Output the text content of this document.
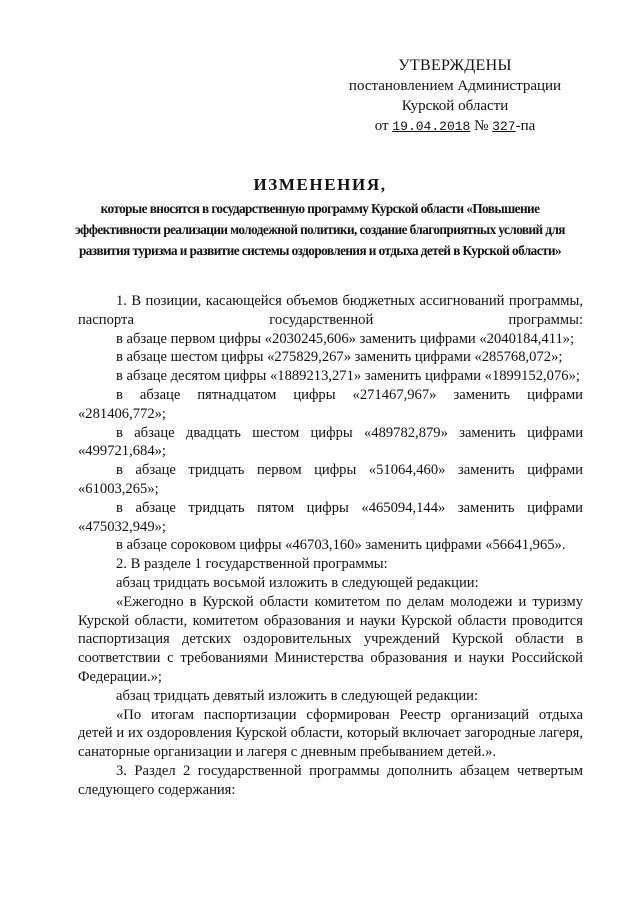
УТВЕРЖДЕНЫ
постановлением Администрации
Курской области
от 19.04.2018 № 327-па
ИЗМЕНЕНИЯ,
которые вносятся в государственную программу Курской области «Повышение эффективности реализации молодежной политики, создание благоприятных условий для развития туризма и развитие системы оздоровления и отдыха детей в Курской области»

1. В позиции, касающейся объемов бюджетных ассигнований программы, паспорта государственной программы:

в абзаце первом цифры «2030245,606» заменить цифрами «2040184,411»;

в абзаце шестом цифры «275829,267» заменить цифрами «285768,072»;

в абзаце десятом цифры «1889213,271» заменить цифрами «1899152,076»;

в абзаце пятнадцатом цифры «271467,967» заменить цифрами «281406,772»;

в абзаце двадцать шестом цифры «489782,879» заменить цифрами «499721,684»;

в абзаце тридцать первом цифры «51064,460» заменить цифрами «61003,265»;

в абзаце тридцать пятом цифры «465094,144» заменить цифрами «475032,949»;

в абзаце сороковом цифры «46703,160» заменить цифрами «56641,965».

2. В разделе 1 государственной программы:

абзац тридцать восьмой изложить в следующей редакции:

«Ежегодно в Курской области комитетом по делам молодежи и туризму Курской области, комитетом образования и науки Курской области проводится паспортизация детских оздоровительных учреждений Курской области в соответствии с требованиями Министерства образования и науки Российской Федерации.»;

абзац тридцать девятый изложить в следующей редакции:

«По итогам паспортизации сформирован Реестр организаций отдыха детей и их оздоровления Курской области, который включает загородные лагеря, санаторные организации и лагеря с дневным пребыванием детей.».

3. Раздел 2 государственной программы дополнить абзацем четвертым следующего содержания:
